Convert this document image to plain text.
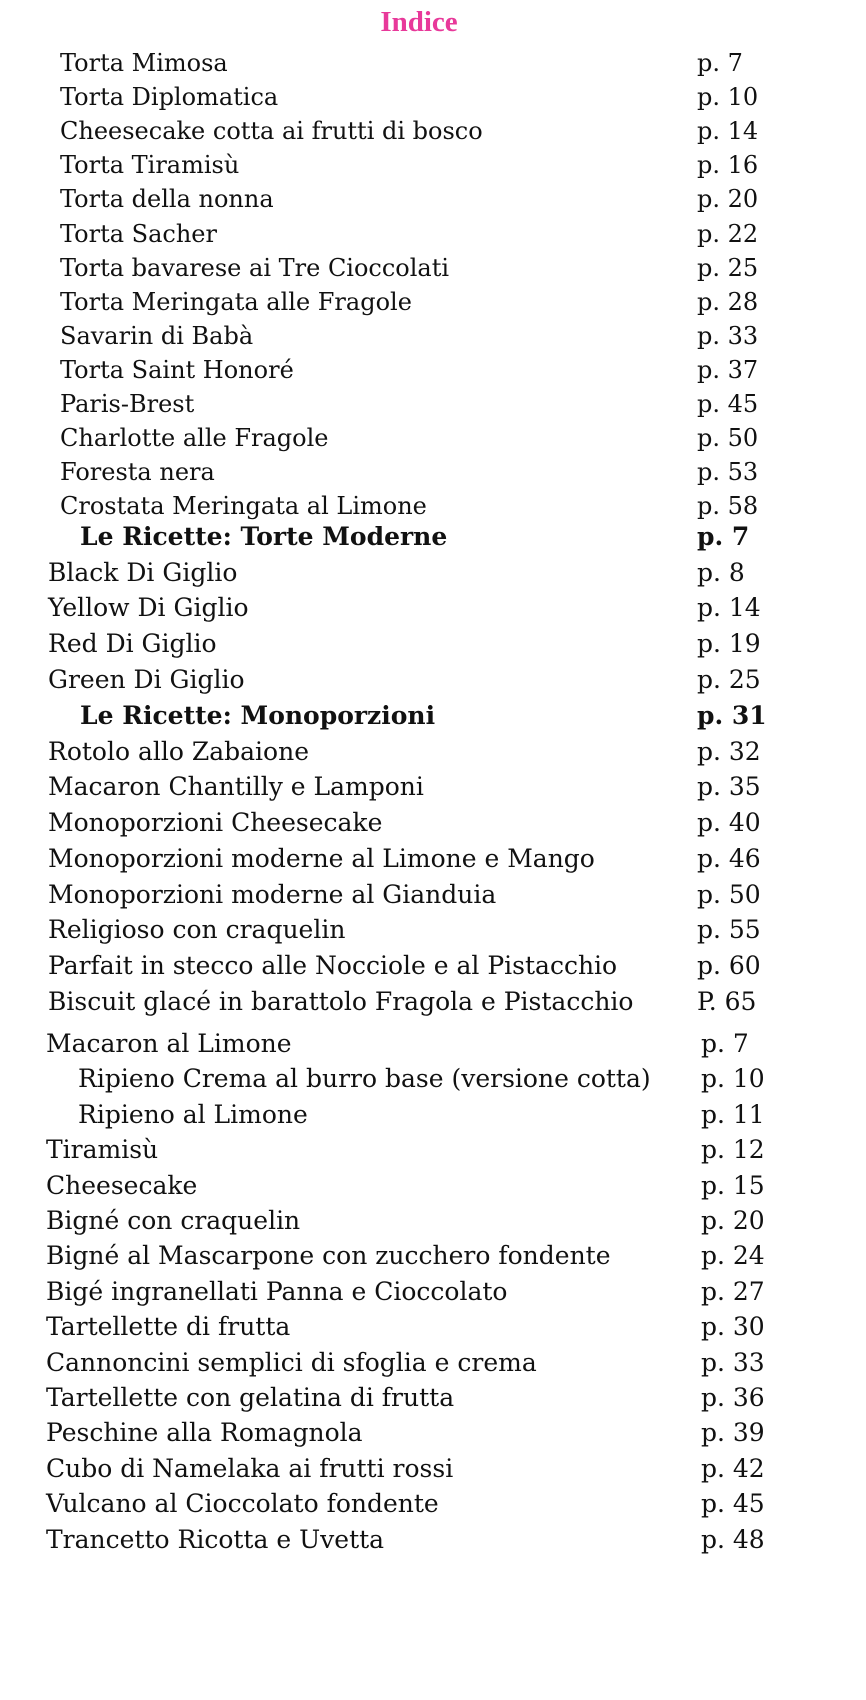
Indice
Torta Mimosa	p. 7
Torta Diplomatica	p. 10
Cheesecake cotta ai frutti di bosco	p. 14
Torta Tiramisù	p. 16
Torta della nonna	p. 20
Torta Sacher	p. 22
Torta bavarese ai Tre Cioccolati	p. 25
Torta Meringata alle Fragole	p. 28
Savarin di Babà	p. 33
Torta Saint Honoré	p. 37
Paris-Brest	p. 45
Charlotte alle Fragole	p. 50
Foresta nera	p. 53
Crostata Meringata al Limone	p. 58
Le Ricette: Torte Moderne	p. 7
Black Di Giglio	p. 8
Yellow Di Giglio	p. 14
Red Di Giglio	p. 19
Green Di Giglio	p. 25
Le Ricette: Monoporzioni	p. 31
Rotolo allo Zabaione	p. 32
Macaron Chantilly e Lamponi	p. 35
Monoporzioni Cheesecake	p. 40
Monoporzioni moderne al Limone e Mango	p. 46
Monoporzioni moderne al Gianduia	p. 50
Religioso con craquelin	p. 55
Parfait in stecco alle Nocciole e al Pistacchio	p. 60
Biscuit glacé in barattolo Fragola e Pistacchio	P. 65
Macaron al Limone	p. 7
Ripieno Crema al burro base (versione cotta) p. 10
Ripieno al Limone	p. 11
Tiramisù	p. 12
Cheesecake	p. 15
Bigné con craquelin	p. 20
Bigné al Mascarpone con zucchero fondente	p. 24
Bigé ingranellati Panna e Cioccolato	p. 27
Tartellette di frutta	p. 30
Cannoncini semplici di sfoglia e crema	p. 33
Tartellette con gelatina di frutta	p. 36
Peschine alla Romagnola	p. 39
Cubo di Namelaka ai frutti rossi	p. 42
Vulcano al Cioccolato fondente	p. 45
Trancetto Ricotta e Uvetta	p. 48
